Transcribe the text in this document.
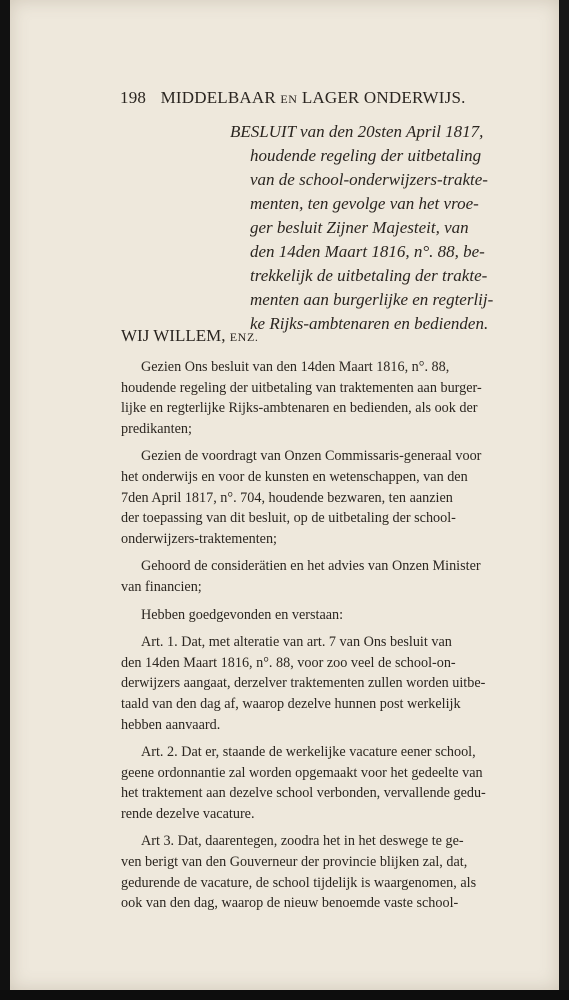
198 MIDDELBAAR EN LAGER ONDERWIJS.
BESLUIT van den 20sten April 1817,
houdende regeling der uitbetaling
van de school-onderwijzers-trakte-
menten, ten gevolge van het vroe-
ger besluit Zijner Majesteit, van
den 14den Maart 1816, n°. 88, be-
trekkelijk de uitbetaling der trakte-
menten aan burgerlijke en regterlij-
ke Rijks-ambtenaren en bedienden.
WIJ WILLEM, ENZ.
Gezien Ons besluit van den 14den Maart 1816, n°. 88,
houdende regeling der uitbetaling van traktementen aan burger-
lijke en regterlijke Rijks-ambtenaren en bedienden, als ook der
predikanten;
Gezien de voordragt van Onzen Commissaris-generaal voor
het onderwijs en voor de kunsten en wetenschappen, van den
7den April 1817, n°. 704, houdende bezwaren, ten aanzien
der toepassing van dit besluit, op de uitbetaling der school-
onderwijzers-traktementen;
Gehoord de considerätien en het advies van Onzen Minister
van financien;
Hebben goedgevonden en verstaan:
Art. 1. Dat, met alteratie van art. 7 van Ons besluit van
den 14den Maart 1816, n°. 88, voor zoo veel de school-on-
derwijzers aangaat, derzelver traktementen zullen worden uitbe-
taald van den dag af, waarop dezelve hunnen post werkelijk
hebben aanvaard.
Art. 2. Dat er, staande de werkelijke vacature eener school,
geene ordonnantie zal worden opgemaakt voor het gedeelte van
het traktement aan dezelve school verbonden, vervallende gedu-
rende dezelve vacature.
Art 3. Dat, daarentegen, zoodra het in het deswege te ge-
ven berigt van den Gouverneur der provincie blijken zal, dat,
gedurende de vacature, de school tijdelijk is waargenomen, als
ook van den dag, waarop de nieuw benoemde vaste school-
